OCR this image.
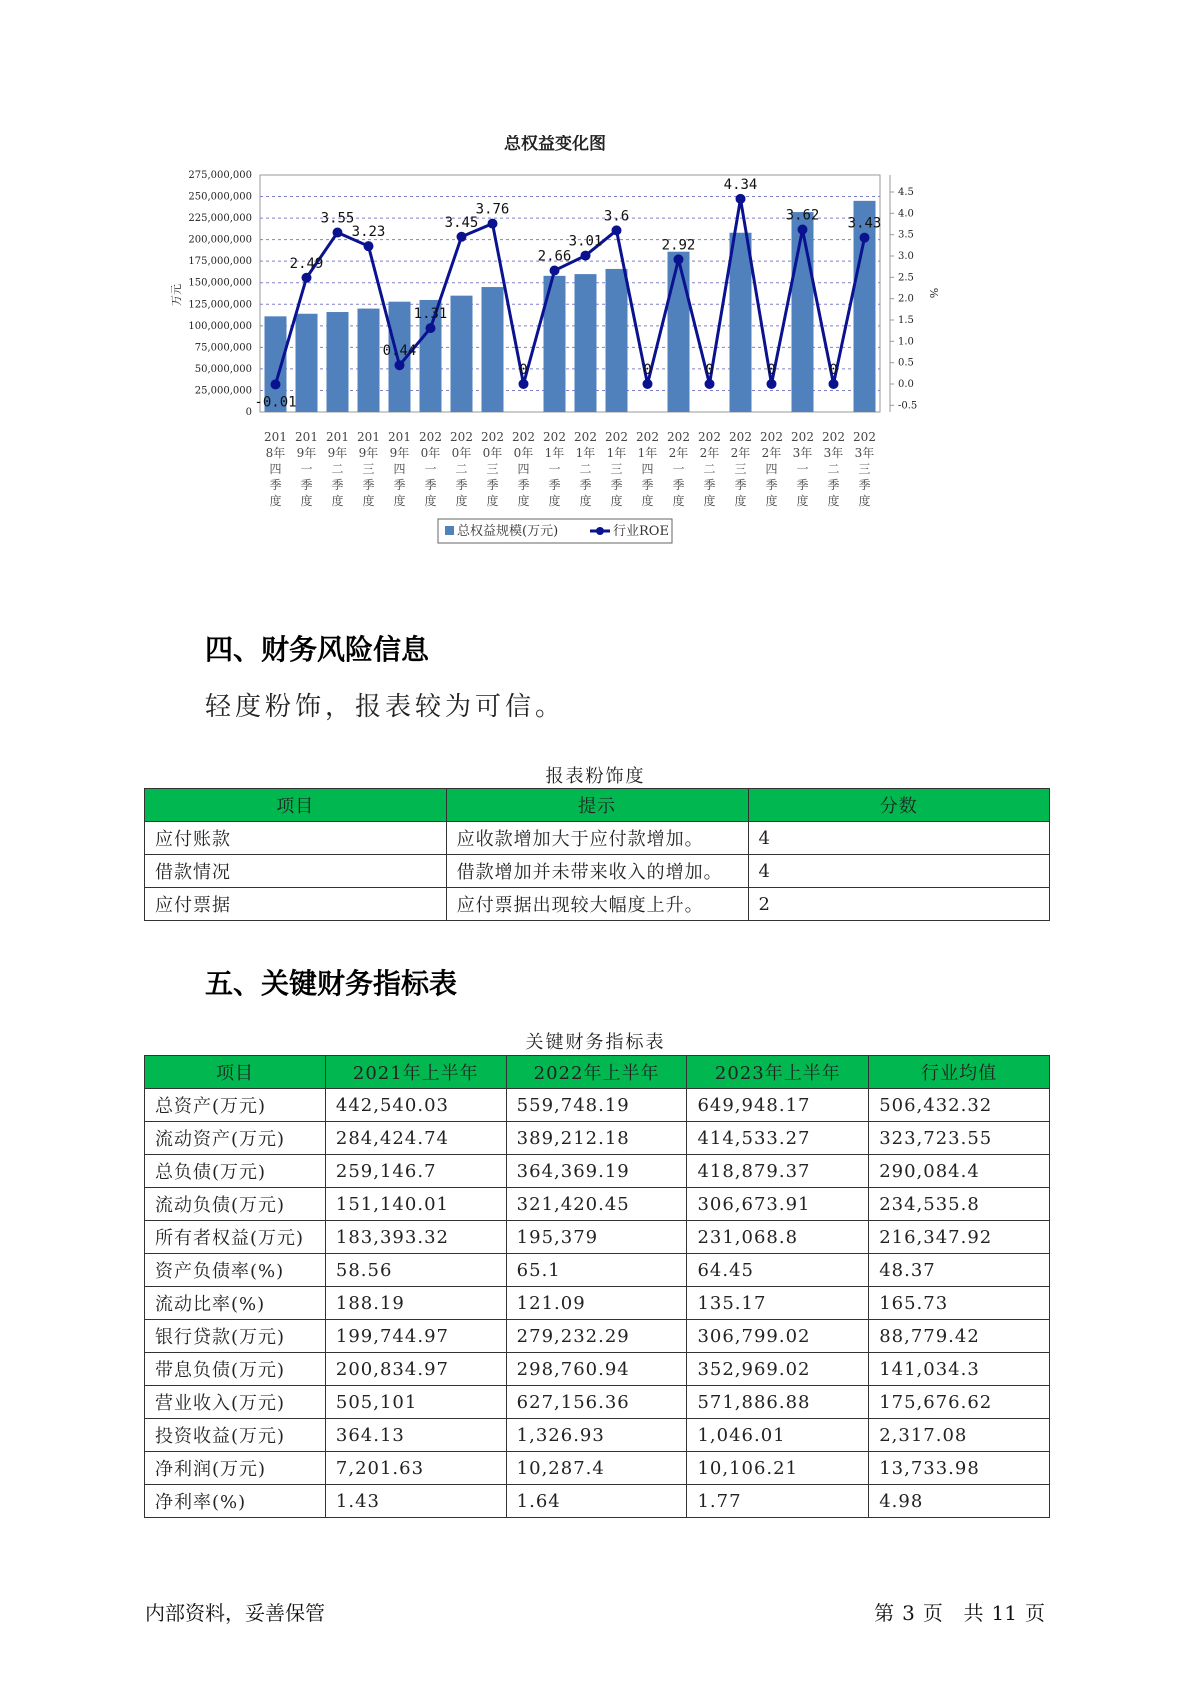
总权益变化图
275,000,000
250,000,000
225,000,000
200,000,000
175,000,000
150,000,000
125,000,000
100,000,000
75,000,000
50,000,000
25,000,000
0
万元
4.5
4.0
3.5
3.0
2.5
2.0
1.5
1.0
0.5
0.0
-0.5
%
201
8年
四
季
度
201
9年
一
季
度
201
9年
二
季
度
201
9年
三
季
度
201
9年
四
季
度
202
0年
一
季
度
202
0年
二
季
度
202
0年
三
季
度
202
0年
四
季
度
202
1年
一
季
度
202
1年
二
季
度
202
1年
三
季
度
202
1年
四
季
度
202
2年
一
季
度
202
2年
二
季
度
202
2年
三
季
度
202
2年
四
季
度
202
3年
一
季
度
202
3年
二
季
度
202
3年
三
季
度
-0.01
2.49
3.55
3.23
0.44
1.31
3.45
3.76
0
2.66
3.01
3.6
0
2.92
0
4.34
0
3.62
0
3.43
总权益规模(万元)	行业ROE
四、财务风险信息
轻度粉饰，报表较为可信。
报表粉饰度
项目	提示	分数
应付账款	应收款增加大于应付款增加。	4
借款情况	借款增加并未带来收入的增加。	4
应付票据	应付票据出现较大幅度上升。	2
五、关键财务指标表
关键财务指标表
项目	2021年上半年	2022年上半年	2023年上半年	行业均值
总资产(万元)	442,540.03	559,748.19	649,948.17	506,432.32
流动资产(万元)	284,424.74	389,212.18	414,533.27	323,723.55
总负债(万元)	259,146.7	364,369.19	418,879.37	290,084.4
流动负债(万元)	151,140.01	321,420.45	306,673.91	234,535.8
所有者权益(万元)	183,393.32	195,379	231,068.8	216,347.92
资产负债率(%)	58.56	65.1	64.45	48.37
流动比率(%)	188.19	121.09	135.17	165.73
银行贷款(万元)	199,744.97	279,232.29	306,799.02	88,779.42
带息负债(万元)	200,834.97	298,760.94	352,969.02	141,034.3
营业收入(万元)	505,101	627,156.36	571,886.88	175,676.62
投资收益(万元)	364.13	1,326.93	1,046.01	2,317.08
净利润(万元)	7,201.63	10,287.4	10,106.21	13,733.98
净利率(%)	1.43	1.64	1.77	4.98
内部资料，妥善保管	第 3 页 共 11 页
